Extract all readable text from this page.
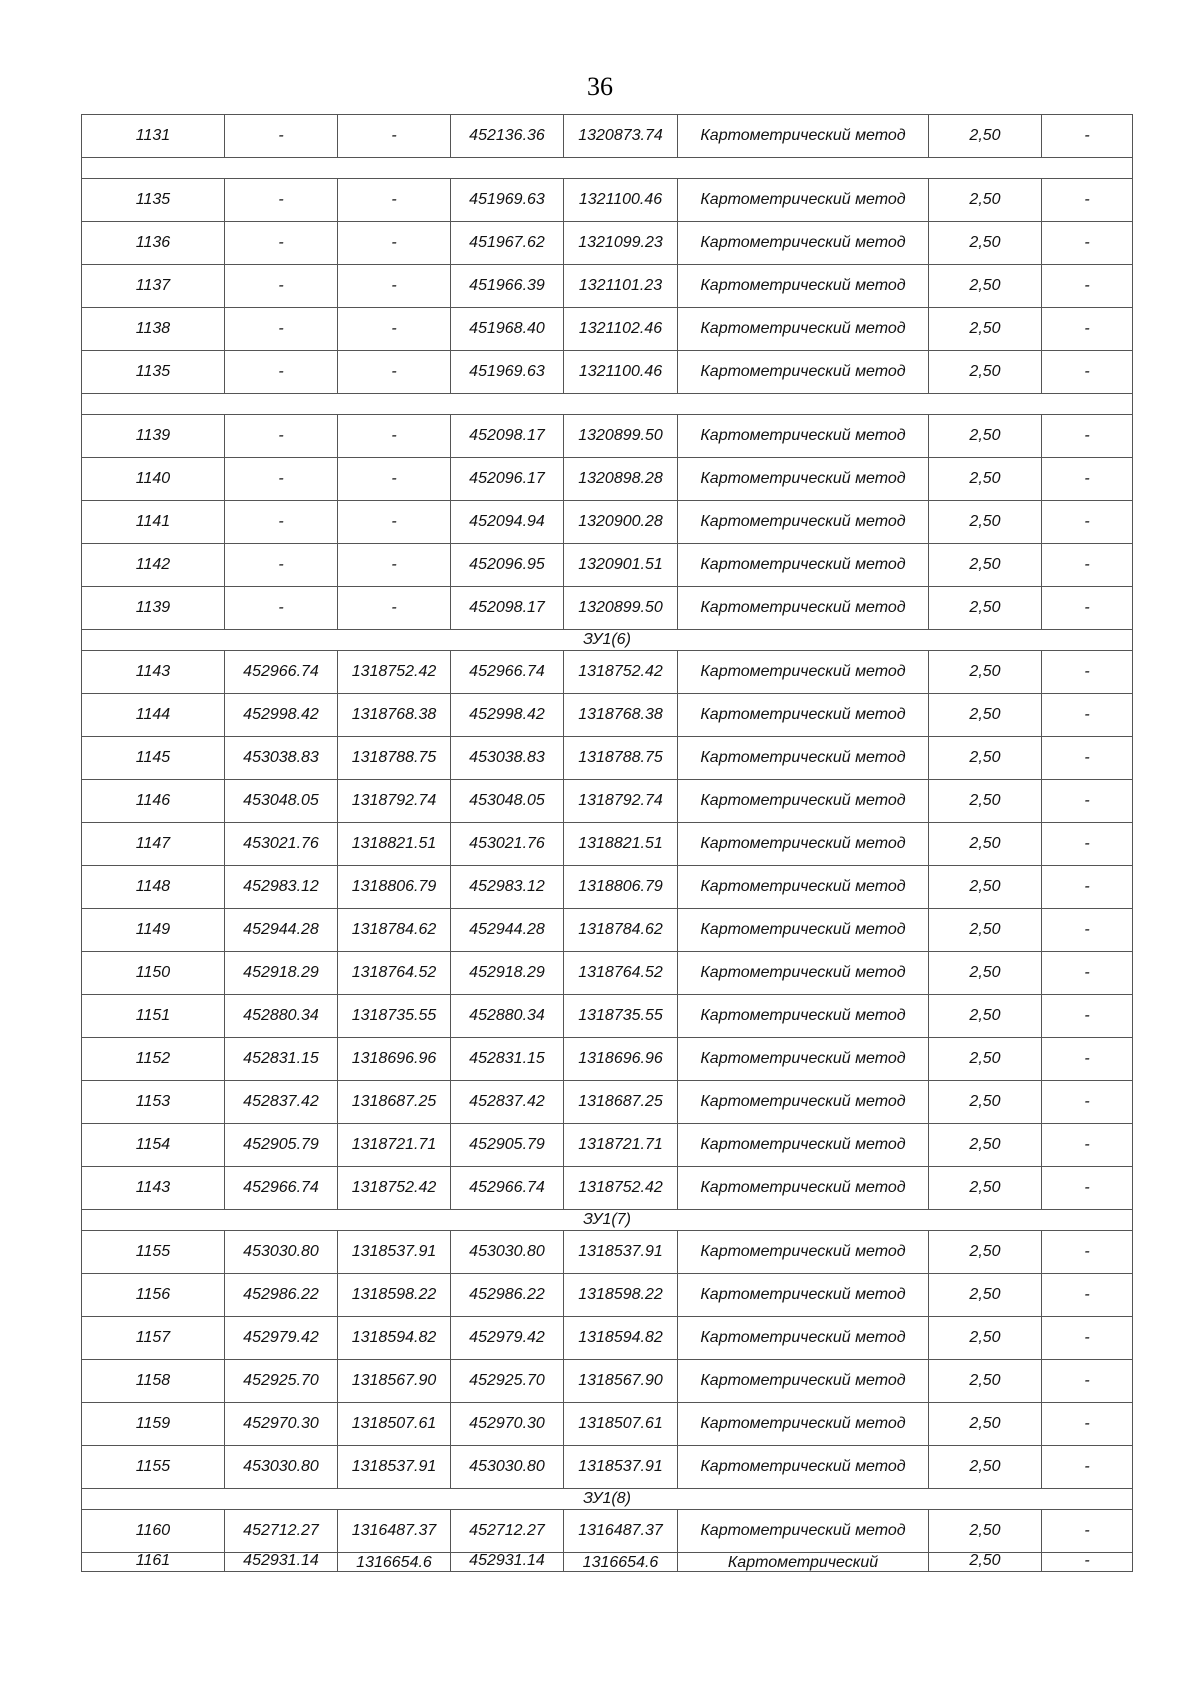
36
1131	-	-	452136.36	1320873.74	Картометрический метод	2,50	-

1135	-	-	451969.63	1321100.46	Картометрический метод	2,50	-
1136	-	-	451967.62	1321099.23	Картометрический метод	2,50	-
1137	-	-	451966.39	1321101.23	Картометрический метод	2,50	-
1138	-	-	451968.40	1321102.46	Картометрический метод	2,50	-
1135	-	-	451969.63	1321100.46	Картометрический метод	2,50	-

1139	-	-	452098.17	1320899.50	Картометрический метод	2,50	-
1140	-	-	452096.17	1320898.28	Картометрический метод	2,50	-
1141	-	-	452094.94	1320900.28	Картометрический метод	2,50	-
1142	-	-	452096.95	1320901.51	Картометрический метод	2,50	-
1139	-	-	452098.17	1320899.50	Картометрический метод	2,50	-
ЗУ1(6)							
1143	452966.74	1318752.42	452966.74	1318752.42	Картометрический метод	2,50	-
1144	452998.42	1318768.38	452998.42	1318768.38	Картометрический метод	2,50	-
1145	453038.83	1318788.75	453038.83	1318788.75	Картометрический метод	2,50	-
1146	453048.05	1318792.74	453048.05	1318792.74	Картометрический метод	2,50	-
1147	453021.76	1318821.51	453021.76	1318821.51	Картометрический метод	2,50	-
1148	452983.12	1318806.79	452983.12	1318806.79	Картометрический метод	2,50	-
1149	452944.28	1318784.62	452944.28	1318784.62	Картометрический метод	2,50	-
1150	452918.29	1318764.52	452918.29	1318764.52	Картометрический метод	2,50	-
1151	452880.34	1318735.55	452880.34	1318735.55	Картометрический метод	2,50	-
1152	452831.15	1318696.96	452831.15	1318696.96	Картометрический метод	2,50	-
1153	452837.42	1318687.25	452837.42	1318687.25	Картометрический метод	2,50	-
1154	452905.79	1318721.71	452905.79	1318721.71	Картометрический метод	2,50	-
1143	452966.74	1318752.42	452966.74	1318752.42	Картометрический метод	2,50	-
ЗУ1(7)							
1155	453030.80	1318537.91	453030.80	1318537.91	Картометрический метод	2,50	-
1156	452986.22	1318598.22	452986.22	1318598.22	Картометрический метод	2,50	-
1157	452979.42	1318594.82	452979.42	1318594.82	Картометрический метод	2,50	-
1158	452925.70	1318567.90	452925.70	1318567.90	Картометрический метод	2,50	-
1159	452970.30	1318507.61	452970.30	1318507.61	Картометрический метод	2,50	-
1155	453030.80	1318537.91	453030.80	1318537.91	Картометрический метод	2,50	-
ЗУ1(8)							
1160	452712.27	1316487.37	452712.27	1316487.37	Картометрический метод	2,50	-
1161	452931.14	1316654.6	452931.14	1316654.6	Картометрический	2,50	-
